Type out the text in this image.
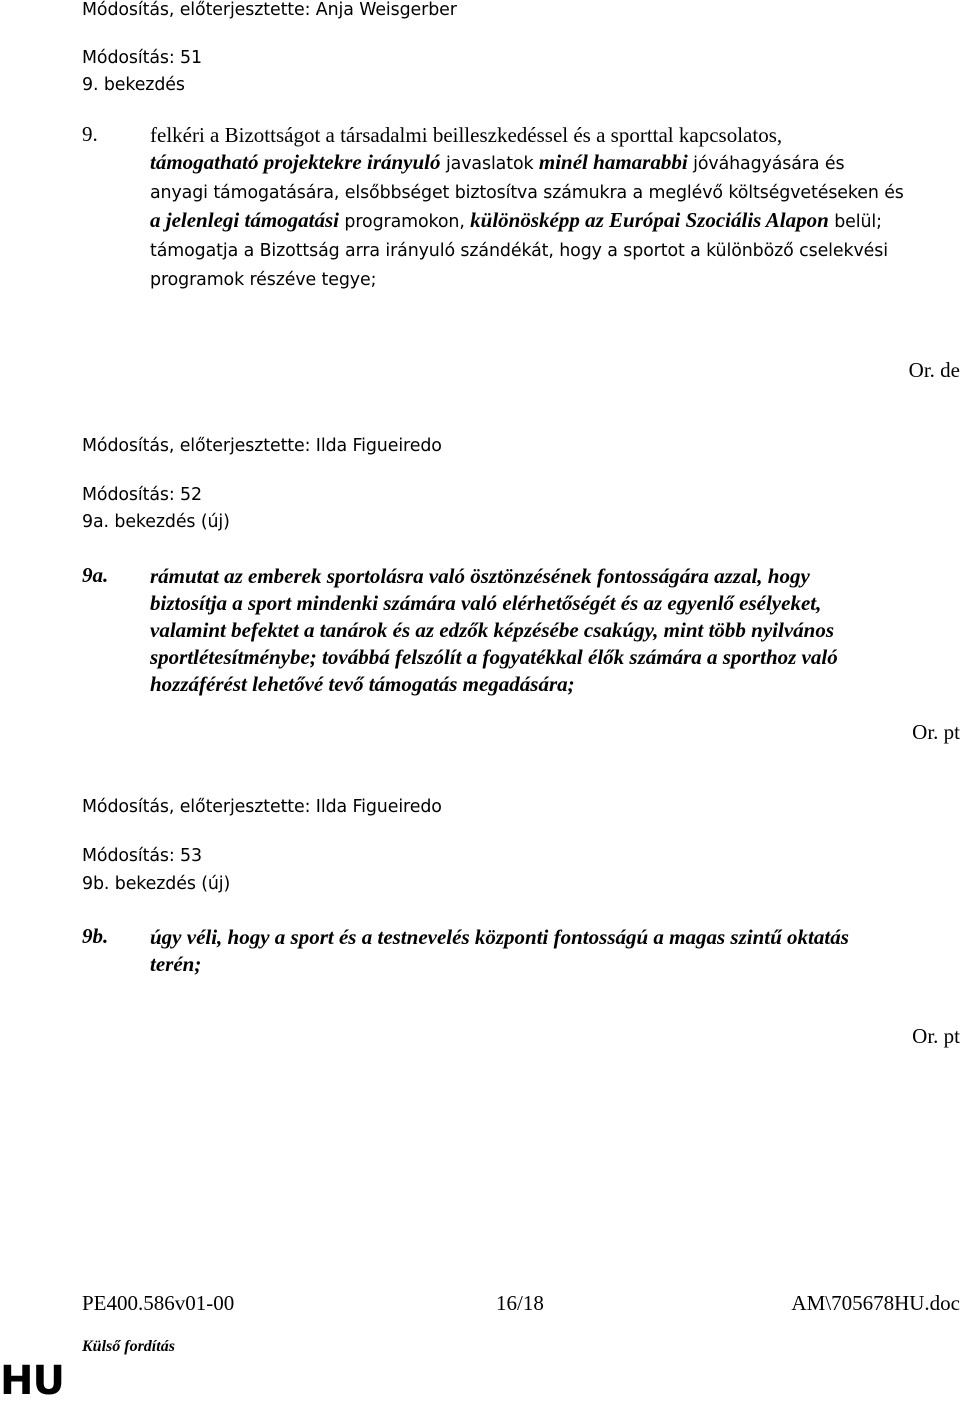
Módosítás, előterjesztette: Anja Weisgerber
Módosítás: 51
9. bekezdés
9. felkéri a Bizottságot a társadalmi beilleszkedéssel és a sporttal kapcsolatos,
támogatható projektekre irányuló javaslatok minél hamarabbi jóváhagyására és
anyagi támogatására, elsőbbséget biztosítva számukra a meglévő költségvetéseken és
a jelenlegi támogatási programokon, különösképp az Európai Szociális Alapon belül;
támogatja a Bizottság arra irányuló szándékát, hogy a sportot a különböző cselekvési
programok részéve tegye;
Or. de
Módosítás, előterjesztette: Ilda Figueiredo
Módosítás: 52
9a. bekezdés (új)
9a. rámutat az emberek sportolásra való ösztönzésének fontosságára azzal, hogy
biztosítja a sport mindenki számára való elérhetőségét és az egyenlő esélyeket,
valamint befektet a tanárok és az edzők képzésébe csakúgy, mint több nyilvános
sportlétesítménybe; továbbá felszólít a fogyatékkal élők számára a sporthoz való
hozzáférést lehetővé tevő támogatás megadására;
Or. pt
Módosítás, előterjesztette: Ilda Figueiredo
Módosítás: 53
9b. bekezdés (új)
9b. úgy véli, hogy a sport és a testnevelés központi fontosságú a magas szintű oktatás
terén;
Or. pt
PE400.586v01-00	16/18	AM\705678HU.doc
Külső fordítás
HU
